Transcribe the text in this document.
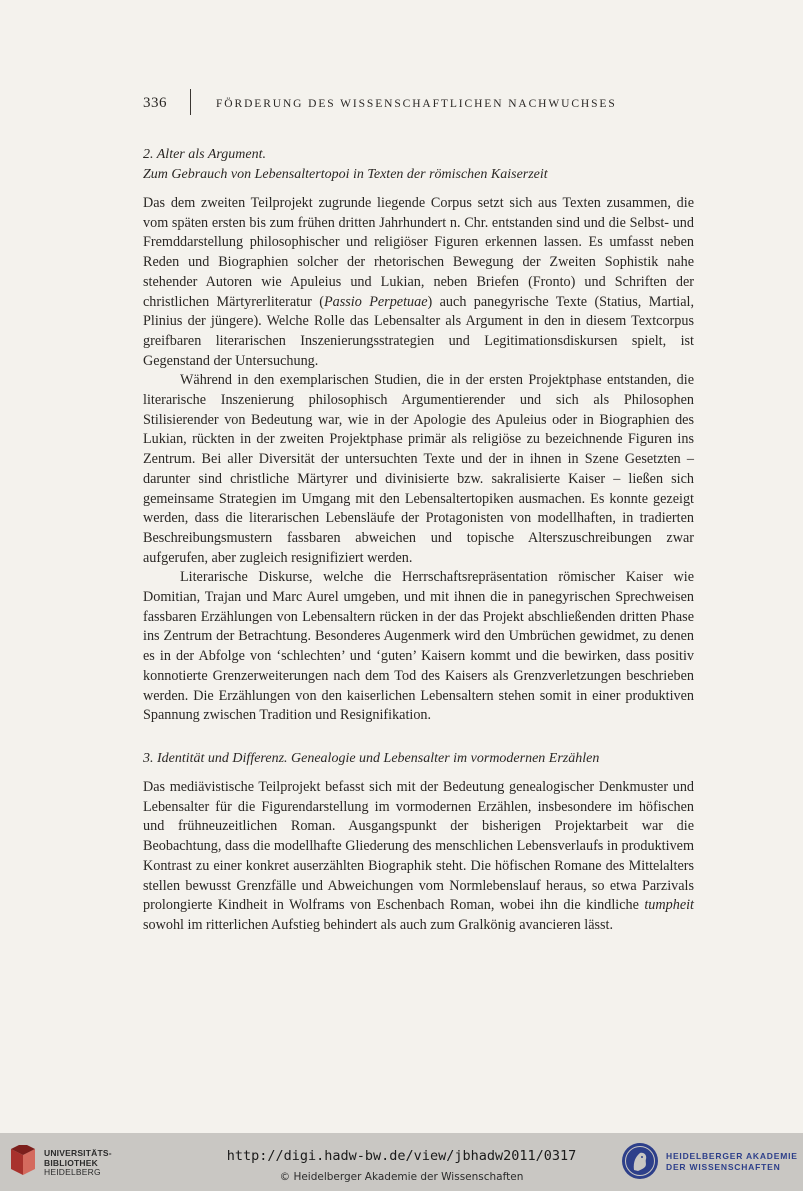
336	FÖRDERUNG DES WISSENSCHAFTLICHEN NACHWUCHSES

2. Alter als Argument.

Zum Gebrauch von Lebensaltertopoi in Texten der römischen Kaiserzeit

Das dem zweiten Teilprojekt zugrunde liegende Corpus setzt sich aus Texten zusammen, die vom späten ersten bis zum frühen dritten Jahrhundert n. Chr. entstanden sind und die Selbst- und Fremddarstellung philosophischer und religiöser Figuren erkennen lassen. Es umfasst neben Reden und Biographien solcher der rhetorischen Bewegung der Zweiten Sophistik nahe stehender Autoren wie Apuleius und Lukian, neben Briefen (Fronto) und Schriften der christlichen Märtyrerliteratur (Passio Perpetuae) auch panegyrische Texte (Statius, Martial, Plinius der jüngere). Welche Rolle das Lebensalter als Argument in den in diesem Textcorpus greifbaren literarischen Inszenierungsstrategien und Legitimationsdiskursen spielt, ist Gegenstand der Untersuchung.

Während in den exemplarischen Studien, die in der ersten Projektphase entstanden, die literarische Inszenierung philosophisch Argumentierender und sich als Philosophen Stilisierender von Bedeutung war, wie in der Apologie des Apuleius oder in Biographien des Lukian, rückten in der zweiten Projektphase primär als religiöse zu bezeichnende Figuren ins Zentrum. Bei aller Diversität der untersuchten Texte und der in ihnen in Szene Gesetzten – darunter sind christliche Märtyrer und divinisierte bzw. sakralisierte Kaiser – ließen sich gemeinsame Strategien im Umgang mit den Lebensaltertopiken ausmachen. Es konnte gezeigt werden, dass die literarischen Lebensläufe der Protagonisten von modellhaften, in tradierten Beschreibungsmustern fassbaren abweichen und topische Alterszuschreibungen zwar aufgerufen, aber zugleich resignifiziert werden.

Literarische Diskurse, welche die Herrschaftsrepräsentation römischer Kaiser wie Domitian, Trajan und Marc Aurel umgeben, und mit ihnen die in panegyrischen Sprechweisen fassbaren Erzählungen von Lebensaltern rücken in der das Projekt abschließenden dritten Phase ins Zentrum der Betrachtung. Besonderes Augenmerk wird den Umbrüchen gewidmet, zu denen es in der Abfolge von ‘schlechten’ und ‘guten’ Kaisern kommt und die bewirken, dass positiv konnotierte Grenzerweiterungen nach dem Tod des Kaisers als Grenzverletzungen beschrieben werden. Die Erzählungen von den kaiserlichen Lebensaltern stehen somit in einer produktiven Spannung zwischen Tradition und Resignifikation.

3. Identität und Differenz. Genealogie und Lebensalter im vormodernen Erzählen

Das mediävistische Teilprojekt befasst sich mit der Bedeutung genealogischer Denkmuster und Lebensalter für die Figurendarstellung im vormodernen Erzählen, insbesondere im höfischen und frühneuzeitlichen Roman. Ausgangspunkt der bisherigen Projektarbeit war die Beobachtung, dass die modellhafte Gliederung des menschlichen Lebensverlaufs in produktivem Kontrast zu einer konkret auserzählten Biographik steht. Die höfischen Romane des Mittelalters stellen bewusst Grenzfälle und Abweichungen vom Normlebenslauf heraus, so etwa Parzivals prolongierte Kindheit in Wolframs von Eschenbach Roman, wobei ihn die kindliche tumpheit sowohl im ritterlichen Aufstieg behindert als auch zum Gralkönig avancieren lässt.

UNIVERSITÄTS-
BIBLIOTHEK
HEIDELBERG
http://digi.hadw-bw.de/view/jbhadw2011/0317
© Heidelberger Akademie der Wissenschaften
HEIDELBERGER AKADEMIE
DER WISSENSCHAFTEN
